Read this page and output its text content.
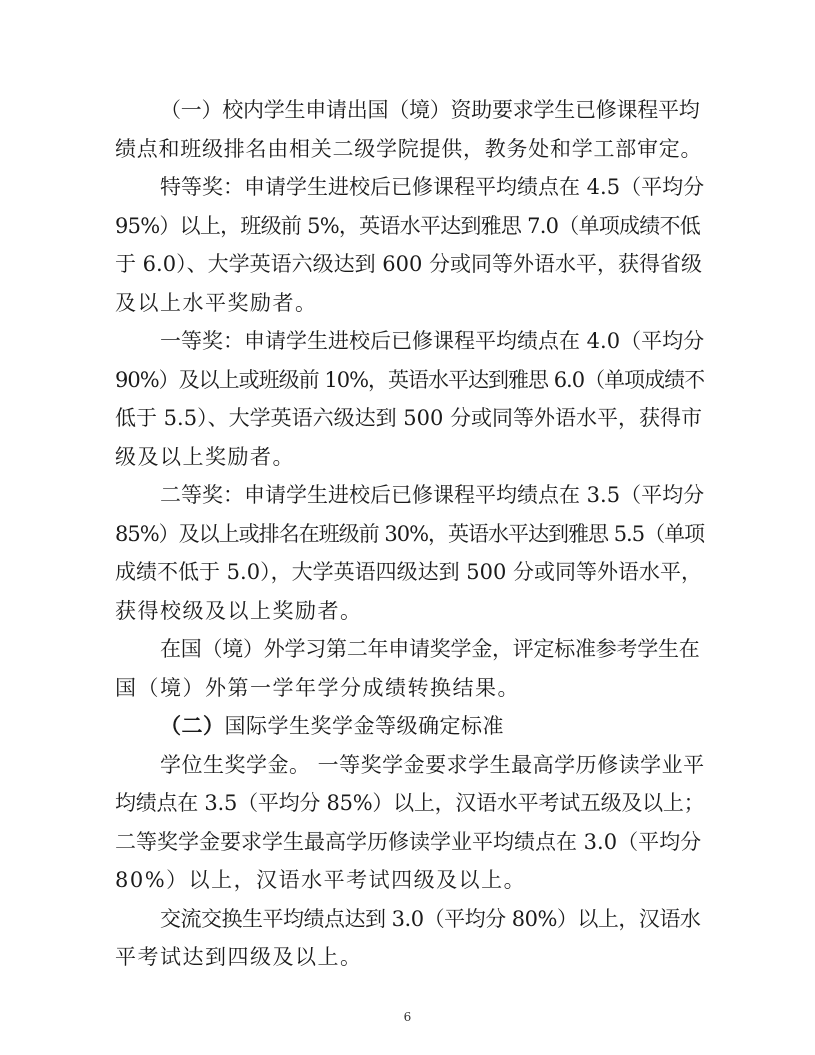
（一）校内学生申请出国（境）资助要求学生已修课程平均
绩点和班级排名由相关二级学院提供，教务处和学工部审定。
特等奖：申请学生进校后已修课程平均绩点在 4.5（平均分
95%）以上，班级前 5%，英语水平达到雅思 7.0（单项成绩不低
于 6.0）、大学英语六级达到 600 分或同等外语水平，获得省级
及以上水平奖励者。
一等奖：申请学生进校后已修课程平均绩点在 4.0（平均分
90%）及以上或班级前 10%，英语水平达到雅思 6.0（单项成绩不
低于 5.5）、大学英语六级达到 500 分或同等外语水平，获得市
级及以上奖励者。
二等奖：申请学生进校后已修课程平均绩点在 3.5（平均分
85%）及以上或排名在班级前 30%，英语水平达到雅思 5.5（单项
成绩不低于 5.0），大学英语四级达到 500 分或同等外语水平，
获得校级及以上奖励者。
在国（境）外学习第二年申请奖学金，评定标准参考学生在
国（境）外第一学年学分成绩转换结果。
（二）国际学生奖学金等级确定标准
学位生奖学金。 一等奖学金要求学生最高学历修读学业平
均绩点在 3.5（平均分 85%）以上，汉语水平考试五级及以上；
二等奖学金要求学生最高学历修读学业平均绩点在 3.0（平均分
80%）以上，汉语水平考试四级及以上。
交流交换生平均绩点达到 3.0（平均分 80%）以上，汉语水
平考试达到四级及以上。
6
